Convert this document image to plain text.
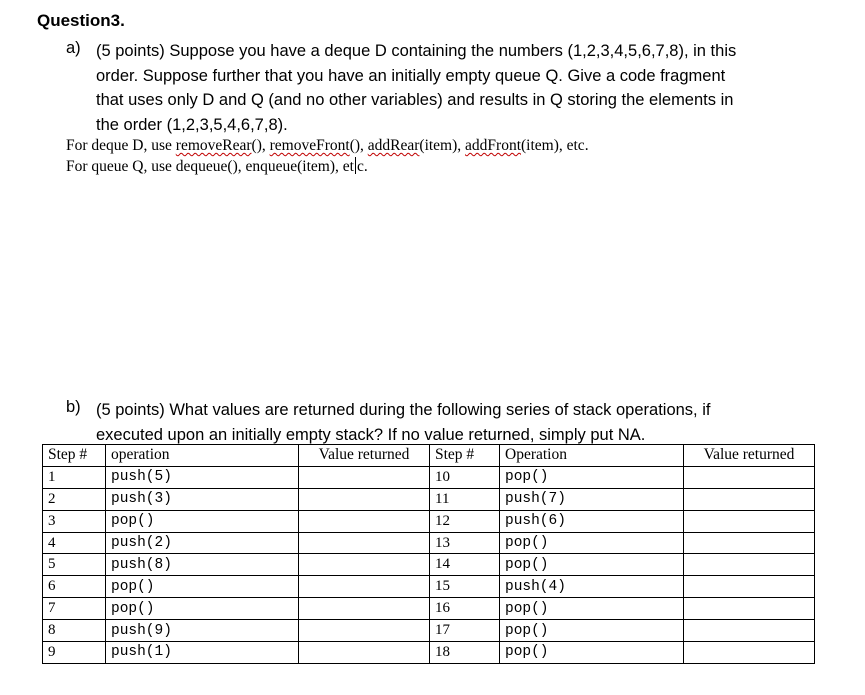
Question3.
a) (5 points) Suppose you have a deque D containing the numbers (1,2,3,4,5,6,7,8), in this
order. Suppose further that you have an initially empty queue Q. Give a code fragment
that uses only D and Q (and no other variables) and results in Q storing the elements in
the order (1,2,3,5,4,6,7,8).
For deque D, use removeRear(), removeFront(), addRear(item), addFront(item), etc.
For queue Q, use dequeue(), enqueue(item), et c.
b) (5 points) What values are returned during the following series of stack operations, if
executed upon an initially empty stack? If no value returned, simply put NA.
Step #	operation	Value returned	Step #	Operation	Value returned
1	push(5)		10	pop()	
2	push(3)		11	push(7)	
3	pop()		12	push(6)	
4	push(2)		13	pop()	
5	push(8)		14	pop()	
6	pop()		15	push(4)	
7	pop()		16	pop()	
8	push(9)		17	pop()	
9	push(1)		18	pop()	
